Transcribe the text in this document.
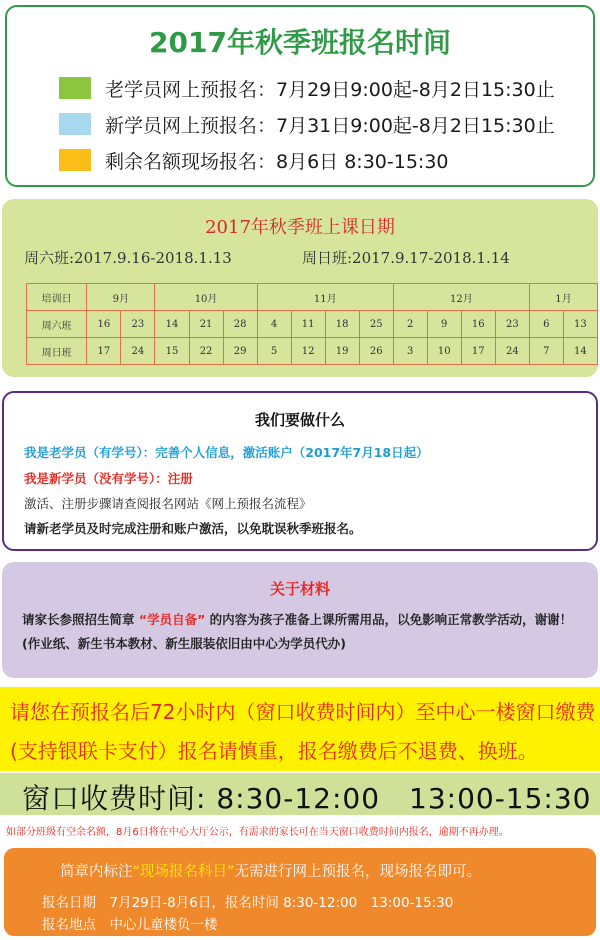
2017年秋季班报名时间
老学员网上预报名：7月29日9:00起-8月2日15:30止
新学员网上预报名：7月31日9:00起-8月2日15:30止
剩余名额现场报名：8月6日 8:30-15:30
2017年秋季班上课日期
周六班:2017.9.16-2018.1.13	周日班:2017.9.17-2018.1.14
培训日	9月		10月			11月				12月				1月	
周六班	16	23	14	21	28	4	11	18	25	2	9	16	23	6	13
周日班	17	24	15	22	29	5	12	19	26	3	10	17	24	7	14
我们要做什么
我是老学员（有学号）：完善个人信息，激活账户（2017年7月18日起）
我是新学员（没有学号）：注册
激活、注册步骤请查阅报名网站《网上预报名流程》
请新老学员及时完成注册和账户激活，以免耽误秋季班报名。
关于材料
请家长参照招生简章 “学员自备” 的内容为孩子准备上课所需用品，以免影响正常教学活动，谢谢！(作业纸、新生书本教材、新生服装依旧由中心为学员代办)
请您在预报名后72小时内（窗口收费时间内）至中心一楼窗口缴费
(支持银联卡支付）报名请慎重，报名缴费后不退费、换班。
窗口收费时间: 8:30-12:00　13:00-15:30
如部分班级有空余名额，8月6日将在中心大厅公示，有需求的家长可在当天窗口收费时间内报名，逾期不再办理。
简章内标注“现场报名科目”无需进行网上预报名，现场报名即可。
报名日期　7月29日-8月6日，报名时间 8:30-12:00　13:00-15:30
报名地点　中心儿童楼负一楼
